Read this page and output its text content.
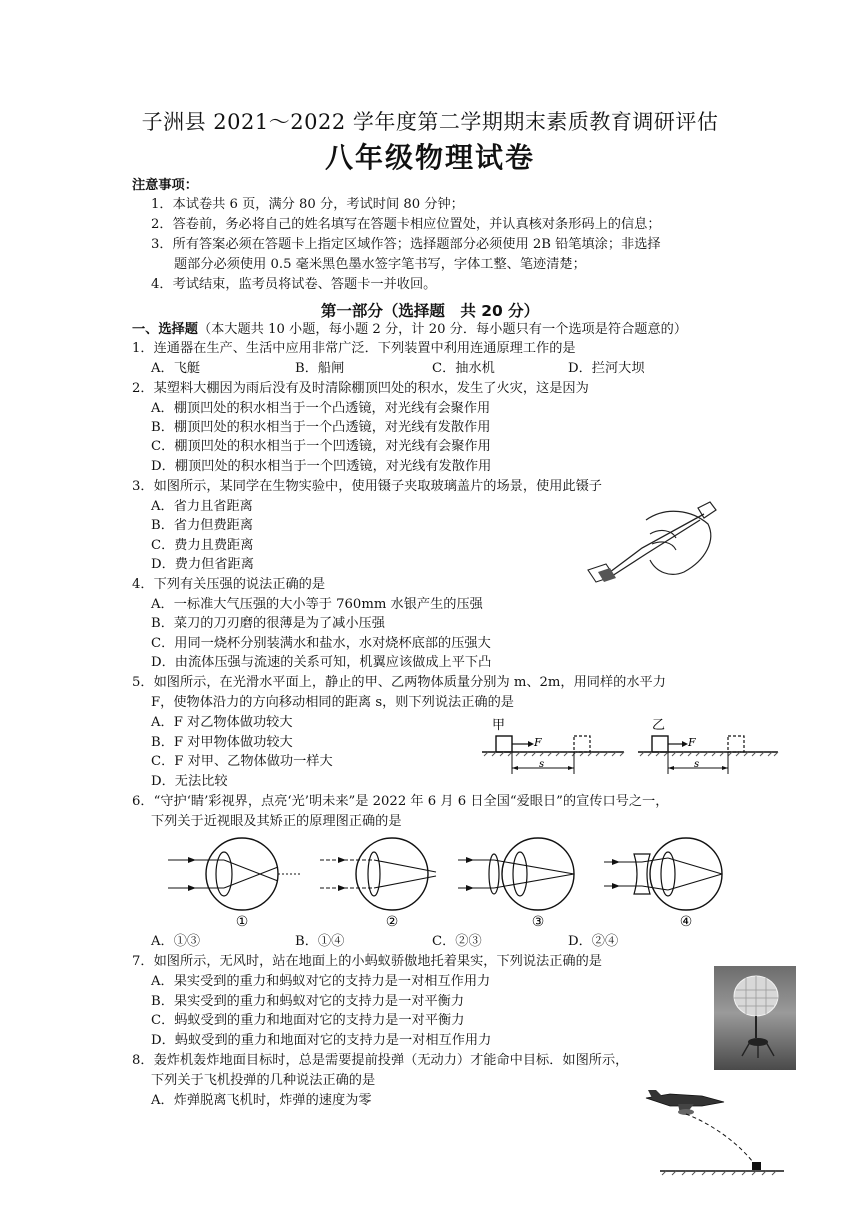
子洲县 2021～2022 学年度第二学期期末素质教育调研评估
八年级物理试卷
注意事项：
1．本试卷共 6 页，满分 80 分，考试时间 80 分钟；
2．答卷前，务必将自己的姓名填写在答题卡相应位置处，并认真核对条形码上的信息；
3．所有答案必须在答题卡上指定区域作答；选择题部分必须使用 2B 铅笔填涂；非选择
题部分必须使用 0.5 毫米黑色墨水签字笔书写，字体工整、笔迹清楚；
4．考试结束，监考员将试卷、答题卡一并收回。
第一部分（选择题　共 20 分）
一、选择题（本大题共 10 小题，每小题 2 分，计 20 分．每小题只有一个选项是符合题意的）
1．连通器在生产、生活中应用非常广泛．下列装置中利用连通原理工作的是
A．飞艇	B．船闸	C．抽水机	D．拦河大坝
2．某塑料大棚因为雨后没有及时清除棚顶凹处的积水，发生了火灾，这是因为
A．棚顶凹处的积水相当于一个凸透镜，对光线有会聚作用
B．棚顶凹处的积水相当于一个凸透镜，对光线有发散作用
C．棚顶凹处的积水相当于一个凹透镜，对光线有会聚作用
D．棚顶凹处的积水相当于一个凹透镜，对光线有发散作用
3．如图所示，某同学在生物实验中，使用镊子夹取玻璃盖片的场景，使用此镊子
A．省力且省距离
B．省力但费距离
C．费力且费距离
D．费力但省距离
4．下列有关压强的说法正确的是
A．一标准大气压强的大小等于 760mm 水银产生的压强
B．菜刀的刀刃磨的很薄是为了减小压强
C．用同一烧杯分别装满水和盐水，水对烧杯底部的压强大
D．由流体压强与流速的关系可知，机翼应该做成上平下凸
5．如图所示，在光滑水平面上，静止的甲、乙两物体质量分别为 m、2m，用同样的水平力
F，使物体沿力的方向移动相同的距离 s，则下列说法正确的是
A．F 对乙物体做功较大
B．F 对甲物体做功较大
C．F 对甲、乙物体做功一样大
D．无法比较
甲
F
s
乙
F
s
6．“守护‘睛’彩视界，点亮‘光’明未来”是 2022 年 6 月 6 日全国“爱眼日”的宣传口号之一，
下列关于近视眼及其矫正的原理图正确的是
①	②	③	④
A．①③	B．①④	C．②③	D．②④
7．如图所示，无风时，站在地面上的小蚂蚁骄傲地托着果实，下列说法正确的是
A．果实受到的重力和蚂蚁对它的支持力是一对相互作用力
B．果实受到的重力和蚂蚁对它的支持力是一对平衡力
C．蚂蚁受到的重力和地面对它的支持力是一对平衡力
D．蚂蚁受到的重力和地面对它的支持力是一对相互作用力
8．轰炸机轰炸地面目标时，总是需要提前投弹（无动力）才能命中目标．如图所示，
下列关于飞机投弹的几种说法正确的是
A．炸弹脱离飞机时，炸弹的速度为零
